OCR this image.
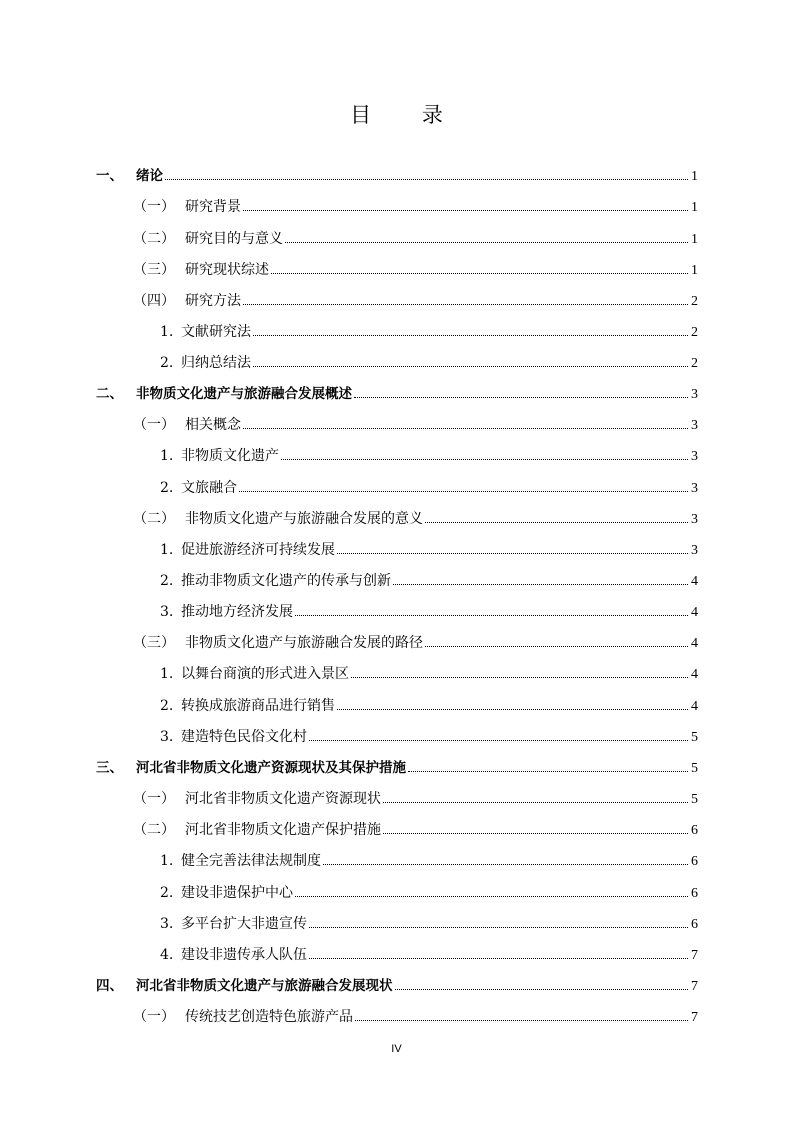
目 录
一、 绪论	1
（一） 研究背景	1
（二） 研究目的与意义	1
（三） 研究现状综述	1
（四） 研究方法	2
1. 文献研究法	2
2. 归纳总结法	2
二、 非物质文化遗产与旅游融合发展概述	3
（一） 相关概念	3
1. 非物质文化遗产	3
2. 文旅融合	3
（二） 非物质文化遗产与旅游融合发展的意义	3
1. 促进旅游经济可持续发展	3
2. 推动非物质文化遗产的传承与创新	4
3. 推动地方经济发展	4
（三） 非物质文化遗产与旅游融合发展的路径	4
1. 以舞台商演的形式进入景区	4
2. 转换成旅游商品进行销售	4
3. 建造特色民俗文化村	5
三、 河北省非物质文化遗产资源现状及其保护措施	5
（一） 河北省非物质文化遗产资源现状	5
（二） 河北省非物质文化遗产保护措施	6
1. 健全完善法律法规制度	6
2. 建设非遗保护中心	6
3. 多平台扩大非遗宣传	6
4. 建设非遗传承人队伍	7
四、 河北省非物质文化遗产与旅游融合发展现状	7
（一） 传统技艺创造特色旅游产品	7
IV
